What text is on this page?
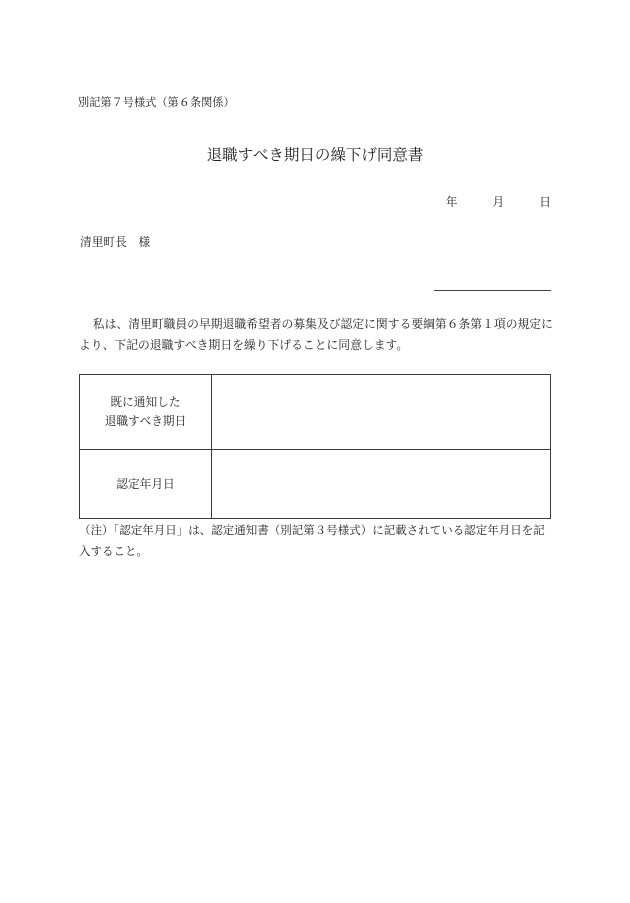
別記第７号様式（第６条関係）
退職すべき期日の繰下げ同意書
年　　　月　　　日
清里町長　様
　私は、清里町職員の早期退職希望者の募集及び認定に関する要綱第６条第１項の規定に
より、下記の退職すべき期日を繰り下げることに同意します。
既に通知した
退職すべき期日
認定年月日
（注）「認定年月日」は、認定通知書（別記第３号様式）に記載されている認定年月日を記
入すること。
